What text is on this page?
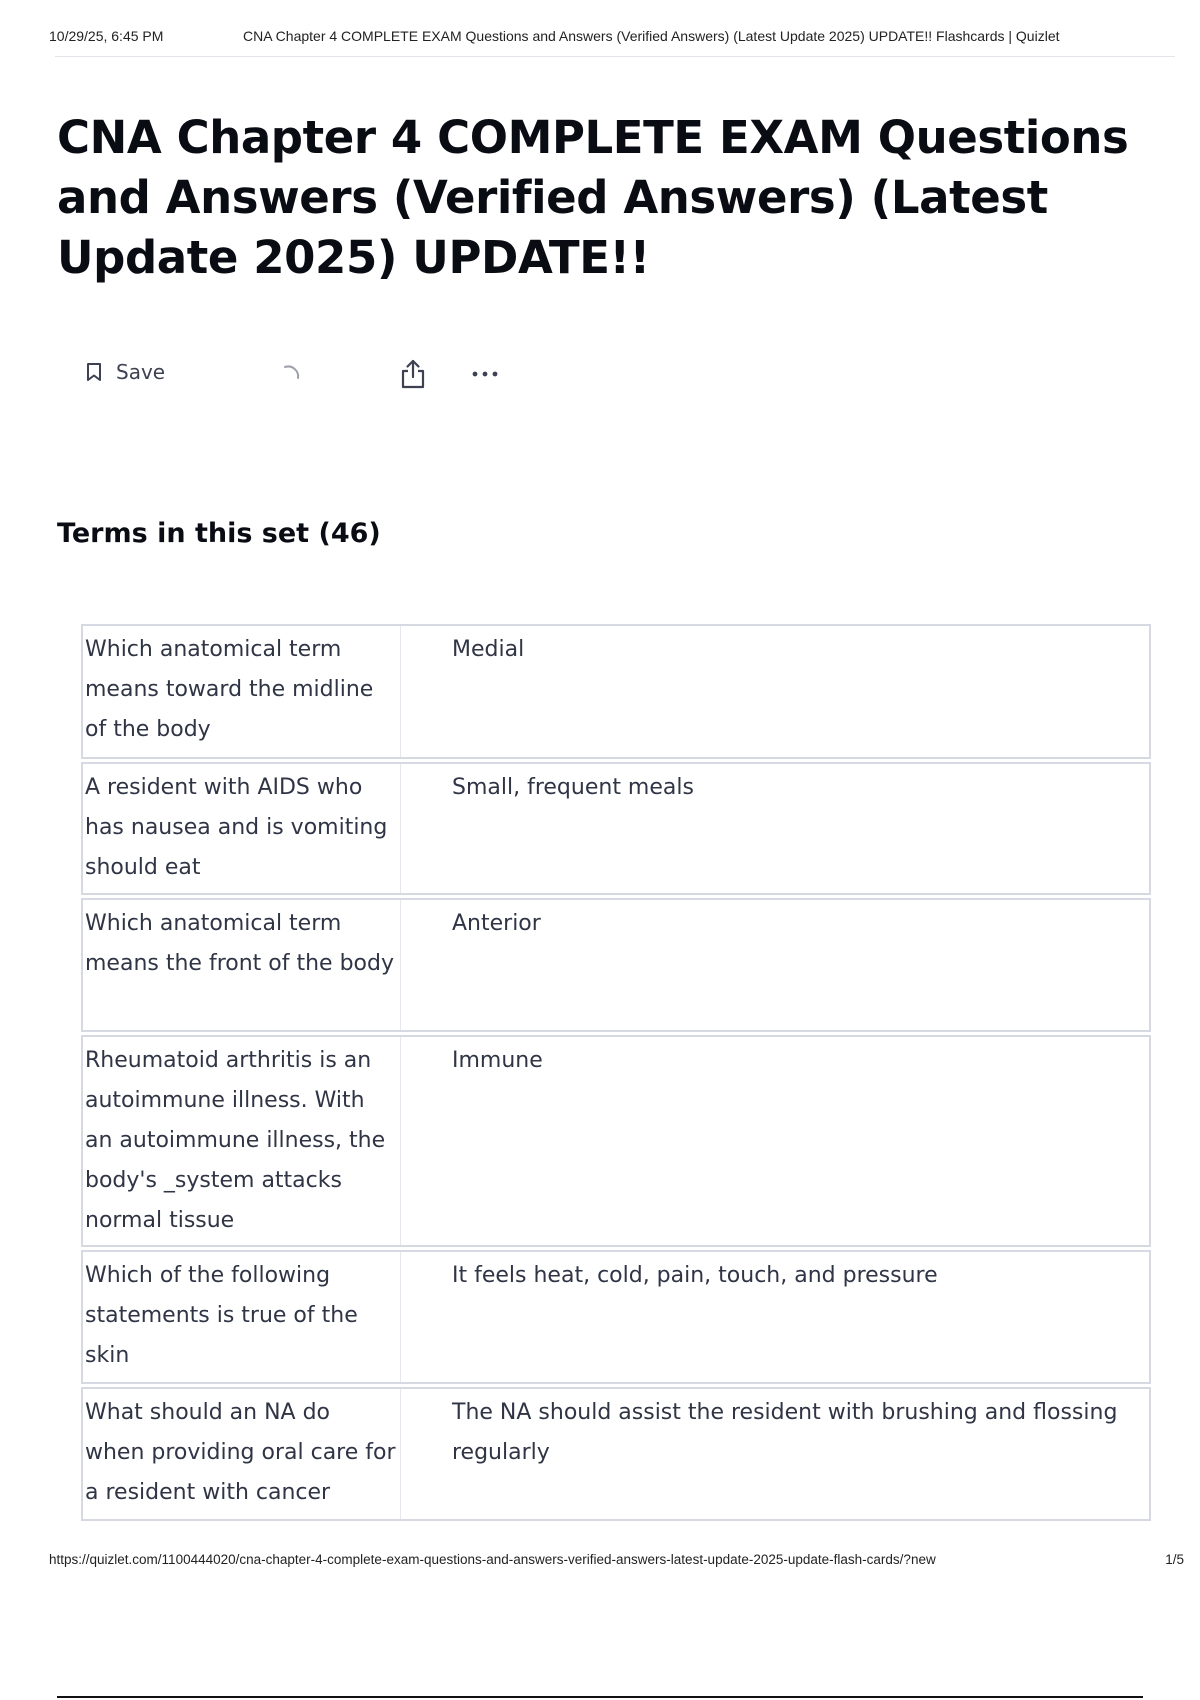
10/29/25, 6:45 PM	CNA Chapter 4 COMPLETE EXAM Questions and Answers (Verified Answers) (Latest Update 2025) UPDATE!! Flashcards | Quizlet
CNA Chapter 4 COMPLETE EXAM Questions and Answers (Verified Answers) (Latest Update 2025) UPDATE!!
Save
Terms in this set (46)
Which anatomical term means toward the midline of the body
Medial
A resident with AIDS who has nausea and is vomiting should eat
Small, frequent meals
Which anatomical term means the front of the body
Anterior
Rheumatoid arthritis is an autoimmune illness. With an autoimmune illness, the body's _system attacks normal tissue
Immune
Which of the following statements is true of the skin
It feels heat, cold, pain, touch, and pressure
What should an NA do when providing oral care for a resident with cancer
The NA should assist the resident with brushing and flossing regularly
https://quizlet.com/1100444020/cna-chapter-4-complete-exam-questions-and-answers-verified-answers-latest-update-2025-update-flash-cards/?new	1/5
